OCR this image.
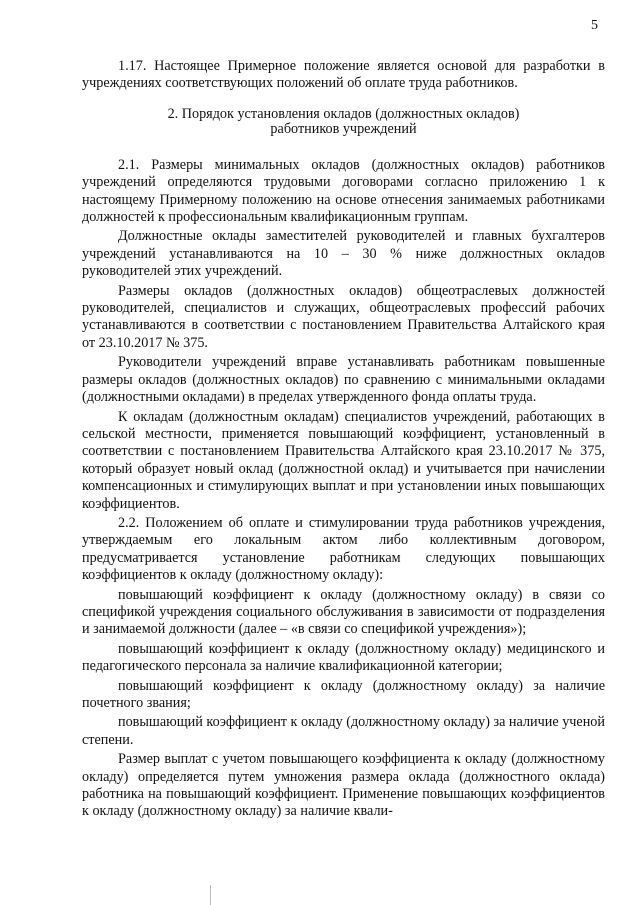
5

1.17. Настоящее Примерное положение является основой для разработки в учреждениях соответствующих положений об оплате труда работников.

2. Порядок установления окладов (должностных окладов)
работников учреждений

2.1. Размеры минимальных окладов (должностных окладов) работников учреждений определяются трудовыми договорами согласно приложению 1 к настоящему Примерному положению на основе отнесения занимаемых работниками должностей к профессиональным квалификационным группам.

Должностные оклады заместителей руководителей и главных бухгалтеров учреждений устанавливаются на 10 – 30 % ниже должностных окладов руководителей этих учреждений.

Размеры окладов (должностных окладов) общеотраслевых должностей руководителей, специалистов и служащих, общеотраслевых профессий рабочих устанавливаются в соответствии с постановлением Правительства Алтайского края от 23.10.2017 № 375.

Руководители учреждений вправе устанавливать работникам повышенные размеры окладов (должностных окладов) по сравнению с минимальными окладами (должностными окладами) в пределах утвержденного фонда оплаты труда.

К окладам (должностным окладам) специалистов учреждений, работающих в сельской местности, применяется повышающий коэффициент, установленный в соответствии с постановлением Правительства Алтайского края 23.10.2017 № 375, который образует новый оклад (должностной оклад) и учитывается при начислении компенсационных и стимулирующих выплат и при установлении иных повышающих коэффициентов.

2.2. Положением об оплате и стимулировании труда работников учреждения, утверждаемым его локальным актом либо коллективным договором, предусматривается установление работникам следующих повышающих коэффициентов к окладу (должностному окладу):

повышающий коэффициент к окладу (должностному окладу) в связи со спецификой учреждения социального обслуживания в зависимости от подразделения и занимаемой должности (далее – «в связи со спецификой учреждения»);

повышающий коэффициент к окладу (должностному окладу) медицинского и педагогического персонала за наличие квалификационной категории;

повышающий коэффициент к окладу (должностному окладу) за наличие почетного звания;

повышающий коэффициент к окладу (должностному окладу) за наличие ученой степени.

Размер выплат с учетом повышающего коэффициента к окладу (должностному окладу) определяется путем умножения размера оклада (должностного оклада) работника на повышающий коэффициент. Применение повышающих коэффициентов к окладу (должностному окладу) за наличие квали-
